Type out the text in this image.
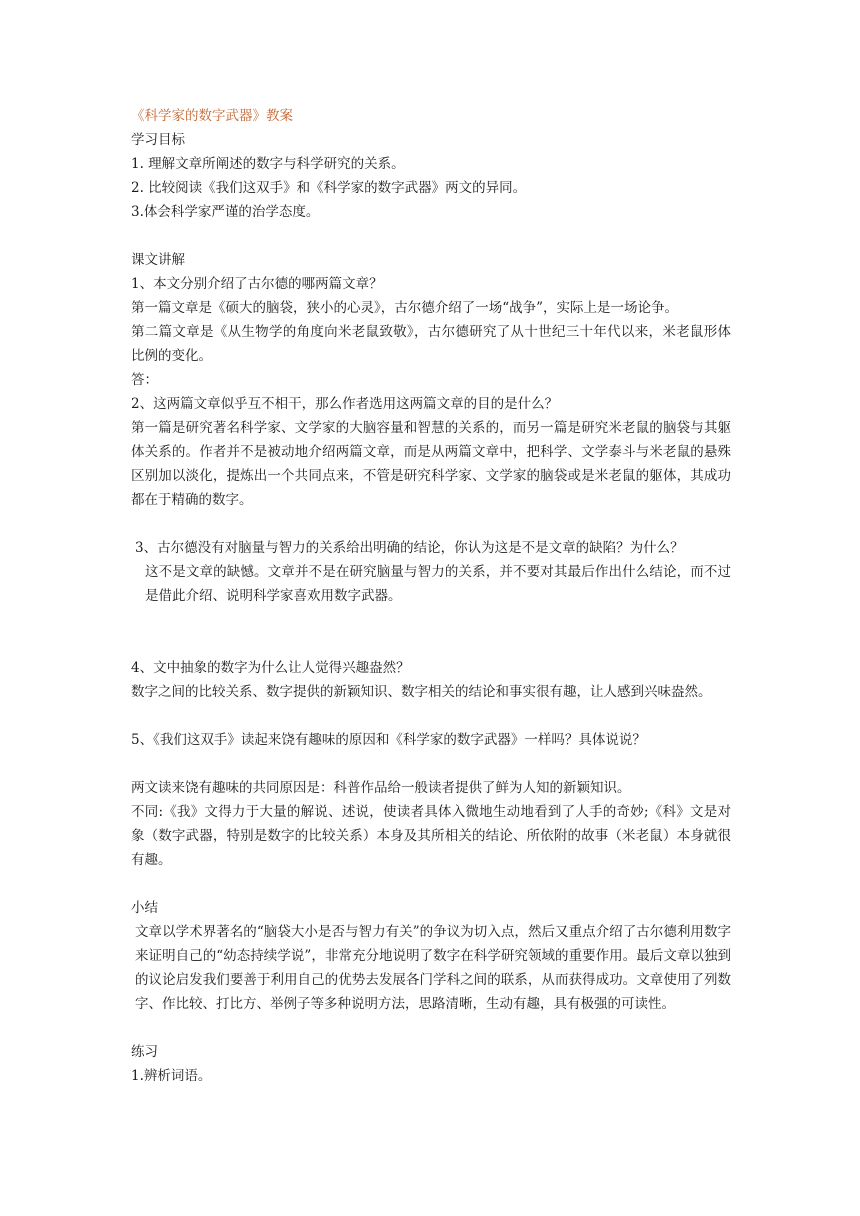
《科学家的数字武器》教案
学习目标
1. 理解文章所阐述的数字与科学研究的关系。
2. 比较阅读《我们这双手》和《科学家的数字武器》两文的异同。
3.体会科学家严谨的治学态度。
课文讲解
1、本文分别介绍了古尔德的哪两篇文章？
第一篇文章是《硕大的脑袋，狭小的心灵》，古尔德介绍了一场“战争”，实际上是一场论争。
第二篇文章是《从生物学的角度向米老鼠致敬》，古尔德研究了从十世纪三十年代以来，米老鼠形体比例的变化。
答：
2、这两篇文章似乎互不相干，那么作者选用这两篇文章的目的是什么？
第一篇是研究著名科学家、文学家的大脑容量和智慧的关系的，而另一篇是研究米老鼠的脑袋与其躯体关系的。作者并不是被动地介绍两篇文章，而是从两篇文章中，把科学、文学泰斗与米老鼠的悬殊区别加以淡化，提炼出一个共同点来，不管是研究科学家、文学家的脑袋或是米老鼠的躯体，其成功都在于精确的数字。
3、古尔德没有对脑量与智力的关系给出明确的结论，你认为这是不是文章的缺陷？为什么？
这不是文章的缺憾。文章并不是在研究脑量与智力的关系，并不要对其最后作出什么结论，而不过是借此介绍、说明科学家喜欢用数字武器。
4、文中抽象的数字为什么让人觉得兴趣盎然？
数字之间的比较关系、数字提供的新颖知识、数字相关的结论和事实很有趣，让人感到兴味盎然。
5、《我们这双手》读起来饶有趣味的原因和《科学家的数字武器》一样吗？具体说说？
两文读来饶有趣味的共同原因是：科普作品给一般读者提供了鲜为人知的新颖知识。
不同:《我》文得力于大量的解说、述说，使读者具体入微地生动地看到了人手的奇妙;《科》文是对象（数字武器，特别是数字的比较关系）本身及其所相关的结论、所依附的故事（米老鼠）本身就很有趣。
小结
文章以学术界著名的“脑袋大小是否与智力有关”的争议为切入点，然后又重点介绍了古尔德利用数字来证明自己的“幼态持续学说”，非常充分地说明了数字在科学研究领域的重要作用。最后文章以独到的议论启发我们要善于利用自己的优势去发展各门学科之间的联系，从而获得成功。文章使用了列数字、作比较、打比方、举例子等多种说明方法，思路清晰，生动有趣，具有极强的可读性。
练习
1.辨析词语。
